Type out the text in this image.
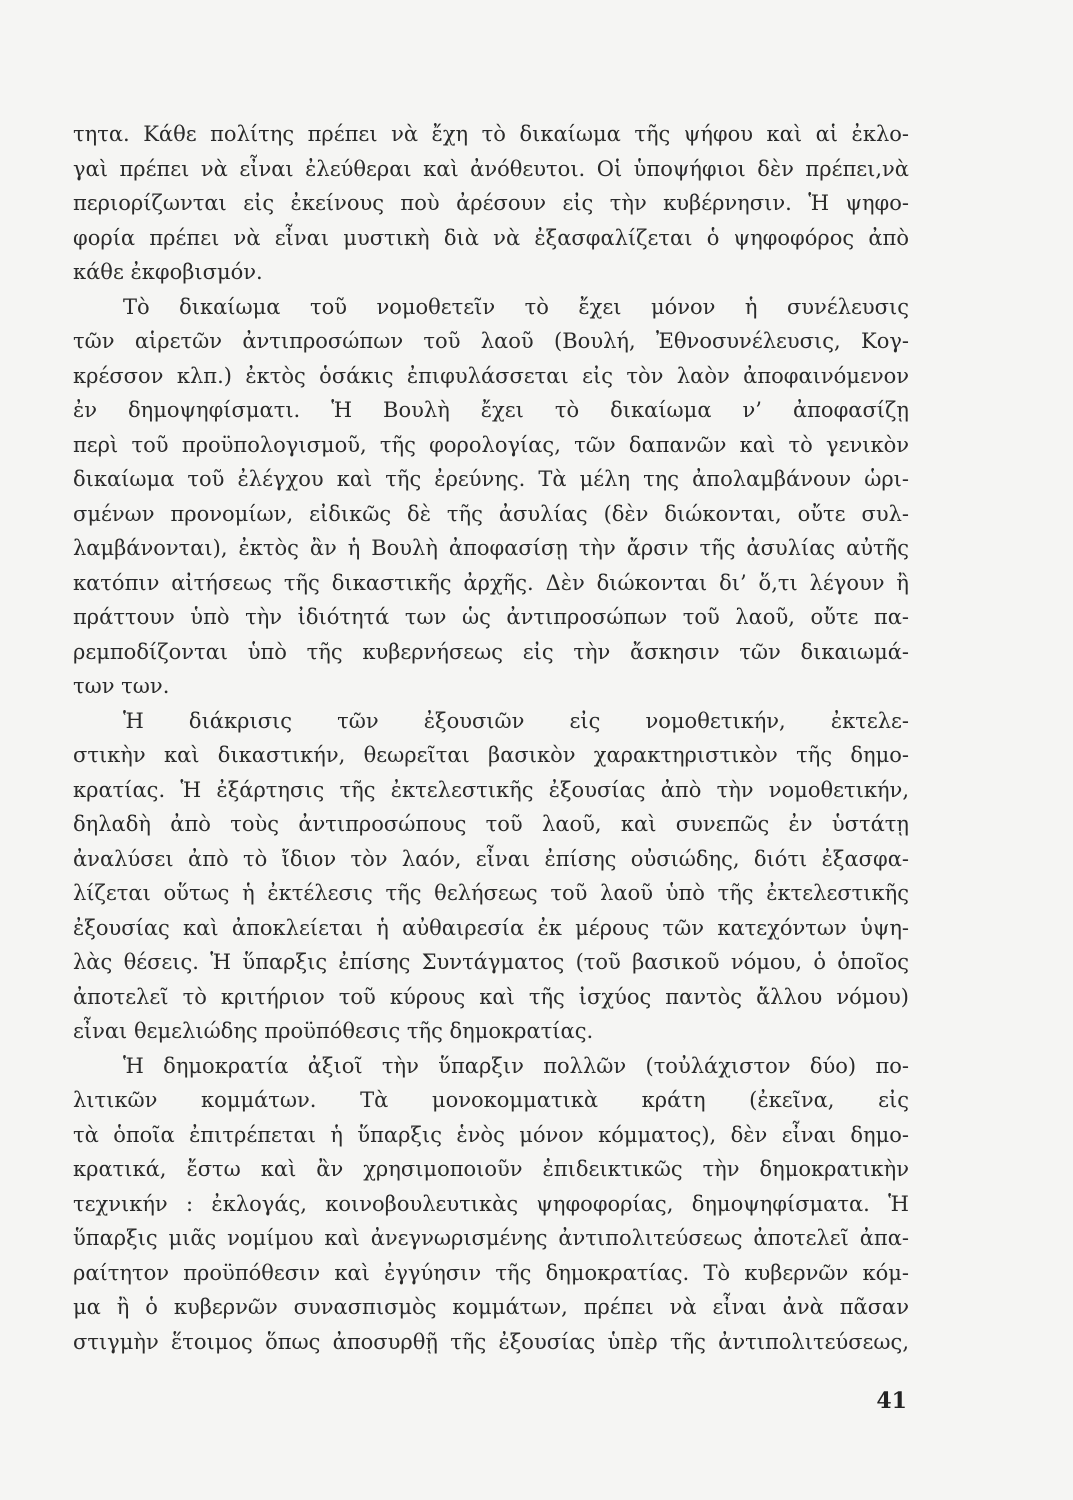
τητα. Κάθε πολίτης πρέπει νὰ ἔχη τὸ δικαίωμα τῆς ψήφου καὶ αἱ ἐκλο-
γαὶ πρέπει νὰ εἶναι ἐλεύθεραι καὶ ἀνόθευτοι. Οἱ ὑποψήφιοι δὲν πρέπει,νὰ
περιορίζωνται εἰς ἐκείνους ποὺ ἀρέσουν εἰς τὴν κυβέρνησιν. Ἡ ψηφο-
φορία πρέπει νὰ εἶναι μυστικὴ διὰ νὰ ἐξασφαλίζεται ὁ ψηφοφόρος ἀπὸ
κάθε ἐκφοβισμόν.
Τὸ δικαίωμα τοῦ νομοθετεῖν τὸ ἔχει μόνον ἡ συνέλευσις
τῶν αἱρετῶν ἀντιπροσώπων τοῦ λαοῦ (Βουλή, Ἐθνοσυνέλευσις, Κογ-
κρέσσον κλπ.) ἐκτὸς ὁσάκις ἐπιφυλάσσεται εἰς τὸν λαὸν ἀποφαινόμενον
ἐν δημοψηφίσματι. Ἡ Βουλὴ ἔχει τὸ δικαίωμα ν’ ἀποφασίζῃ
περὶ τοῦ προϋπολογισμοῦ, τῆς φορολογίας, τῶν δαπανῶν καὶ τὸ γενικὸν
δικαίωμα τοῦ ἐλέγχου καὶ τῆς ἐρεύνης. Τὰ μέλη της ἀπολαμβάνουν ὡρι-
σμένων προνομίων, εἰδικῶς δὲ τῆς ἀσυλίας (δὲν διώκονται, οὔτε συλ-
λαμβάνονται), ἐκτὸς ἂν ἡ Βουλὴ ἀποφασίσῃ τὴν ἄρσιν τῆς ἀσυλίας αὐτῆς
κατόπιν αἰτήσεως τῆς δικαστικῆς ἀρχῆς. Δὲν διώκονται δι’ ὅ,τι λέγουν ἢ
πράττουν ὑπὸ τὴν ἰδιότητά των ὡς ἀντιπροσώπων τοῦ λαοῦ, οὔτε πα-
ρεμποδίζονται ὑπὸ τῆς κυβερνήσεως εἰς τὴν ἄσκησιν τῶν δικαιωμά-
των των.
Ἡ διάκρισις τῶν ἐξουσιῶν εἰς νομοθετικήν, ἐκτελε-
στικὴν καὶ δικαστικήν, θεωρεῖται βασικὸν χαρακτηριστικὸν τῆς δημο-
κρατίας. Ἡ ἐξάρτησις τῆς ἐκτελεστικῆς ἐξουσίας ἀπὸ τὴν νομοθετικήν,
δηλαδὴ ἀπὸ τοὺς ἀντιπροσώπους τοῦ λαοῦ, καὶ συνεπῶς ἐν ὑστάτῃ
ἀναλύσει ἀπὸ τὸ ἴδιον τὸν λαόν, εἶναι ἐπίσης οὐσιώδης, διότι ἐξασφα-
λίζεται οὕτως ἡ ἐκτέλεσις τῆς θελήσεως τοῦ λαοῦ ὑπὸ τῆς ἐκτελεστικῆς
ἐξουσίας καὶ ἀποκλείεται ἡ αὐθαιρεσία ἐκ μέρους τῶν κατεχόντων ὑψη-
λὰς θέσεις. Ἡ ὕπαρξις ἐπίσης Συντάγματος (τοῦ βασικοῦ νόμου, ὁ ὁποῖος
ἀποτελεῖ τὸ κριτήριον τοῦ κύρους καὶ τῆς ἰσχύος παντὸς ἄλλου νόμου)
εἶναι θεμελιώδης προϋπόθεσις τῆς δημοκρατίας.
Ἡ δημοκρατία ἀξιοῖ τὴν ὕπαρξιν πολλῶν (τοὐλάχιστον δύο) πο-
λιτικῶν κομμάτων. Τὰ μονοκομματικὰ κράτη (ἐκεῖνα, εἰς
τὰ ὁποῖα ἐπιτρέπεται ἡ ὕπαρξις ἑνὸς μόνον κόμματος), δὲν εἶναι δημο-
κρατικά, ἔστω καὶ ἂν χρησιμοποιοῦν ἐπιδεικτικῶς τὴν δημοκρατικὴν
τεχνικήν : ἐκλογάς, κοινοβουλευτικὰς ψηφοφορίας, δημοψηφίσματα. Ἡ
ὕπαρξις μιᾶς νομίμου καὶ ἀνεγνωρισμένης ἀντιπολιτεύσεως ἀποτελεῖ ἀπα-
ραίτητον προϋπόθεσιν καὶ ἐγγύησιν τῆς δημοκρατίας. Τὸ κυβερνῶν κόμ-
μα ἢ ὁ κυβερνῶν συνασπισμὸς κομμάτων, πρέπει νὰ εἶναι ἀνὰ πᾶσαν
στιγμὴν ἕτοιμος ὅπως ἀποσυρθῇ τῆς ἐξουσίας ὑπὲρ τῆς ἀντιπολιτεύσεως,
41
